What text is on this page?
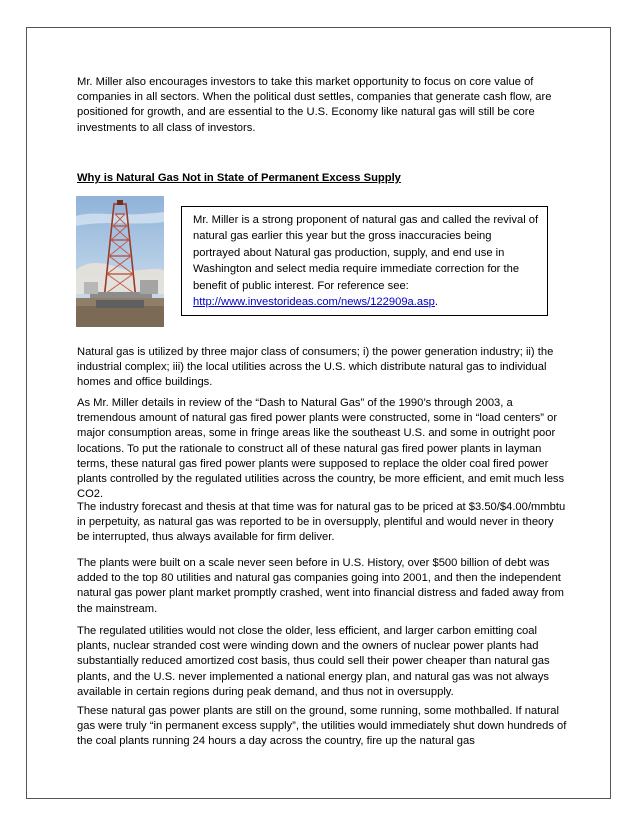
Mr. Miller also encourages investors to take this market opportunity to focus on core value of companies in all sectors. When the political dust settles, companies that generate cash flow, are positioned for growth, and are essential to the U.S. Economy like natural gas will still be core investments to all class of investors.

Why is Natural Gas Not in State of Permanent Excess Supply
Mr. Miller is a strong proponent of natural gas and called the revival of natural gas earlier this year but the gross inaccuracies being portrayed about Natural gas production, supply, and end use in Washington and select media require immediate correction for the benefit of public interest. For reference see: http://www.investorideas.com/news/122909a.asp.

Natural gas is utilized by three major class of consumers; i) the power generation industry; ii) the industrial complex; iii) the local utilities across the U.S. which distribute natural gas to individual homes and office buildings.

As Mr. Miller details in review of the “Dash to Natural Gas” of the 1990’s through 2003, a tremendous amount of natural gas fired power plants were constructed, some in “load centers” or major consumption areas, some in fringe areas like the southeast U.S. and some in outright poor locations. To put the rationale to construct all of these natural gas fired power plants in layman terms, these natural gas fired power plants were supposed to replace the older coal fired power plants controlled by the regulated utilities across the country, be more efficient, and emit much less CO2.

The industry forecast and thesis at that time was for natural gas to be priced at $3.50/$4.00/mmbtu in perpetuity, as natural gas was reported to be in oversupply, plentiful and would never in theory be interrupted, thus always available for firm deliver.

The plants were built on a scale never seen before in U.S. History, over $500 billion of debt was added to the top 80 utilities and natural gas companies going into 2001, and then the independent natural gas power plant market promptly crashed, went into financial distress and faded away from the mainstream.

The regulated utilities would not close the older, less efficient, and larger carbon emitting coal plants, nuclear stranded cost were winding down and the owners of nuclear power plants had substantially reduced amortized cost basis, thus could sell their power cheaper than natural gas plants, and the U.S. never implemented a national energy plan, and natural gas was not always available in certain regions during peak demand, and thus not in oversupply.

These natural gas power plants are still on the ground, some running, some mothballed. If natural gas were truly “in permanent excess supply”, the utilities would immediately shut down hundreds of the coal plants running 24 hours a day across the country, fire up the natural gas
